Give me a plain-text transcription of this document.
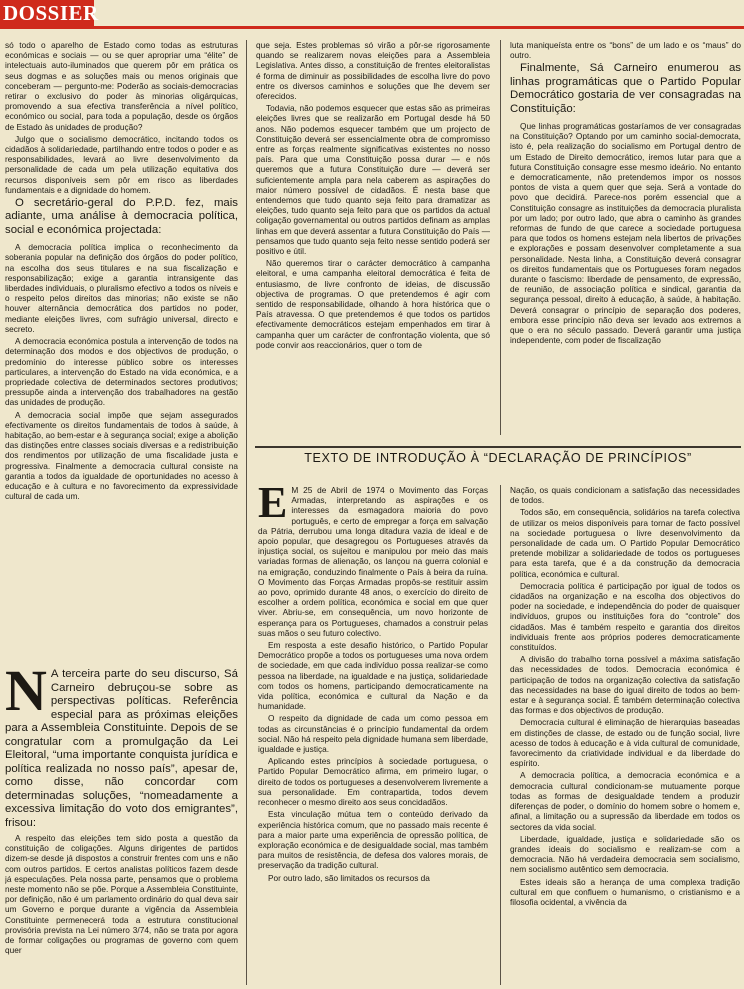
DOSSIER

só todo o aparelho de Estado como todas as estruturas económicas e sociais — ou se quer apropriar uma “élite” de intelectuais auto-iluminados que querem pôr em prática os seus dogmas e as soluções mais ou menos originais que conceberam — pergunto-me: Poderão as sociais-democracias retirar o exclusivo do poder às minorias oligárquicas, promovendo a sua efectiva transferência a nível político, económico ou social, para toda a população, desde os órgãos de Estado às unidades de produção?

Julgo que o socialismo democrático, incitando todos os cidadãos à solidariedade, partilhando entre todos o poder e as responsabilidades, levará ao livre desenvolvimento da personalidade de cada um pela utilização equitativa dos recursos disponíveis sem pôr em risco as liberdades fundamentais e a dignidade do homem.

O secretário-geral do P.P.D. fez, mais adiante, uma análise à democracia política, social e económica projectada:

A democracia política implica o reconhecimento da soberania popular na definição dos órgãos do poder político, na escolha dos seus titulares e na sua fiscalização e responsabilização; exige a garantia intransigente das liberdades individuais, o pluralismo efectivo a todos os níveis e o respeito pelos direitos das minorias; não existe se não houver alternância democrática dos partidos no poder, mediante eleições livres, com sufrágio universal, directo e secreto.

A democracia económica postula a intervenção de todos na determinação dos modos e dos objectivos de produção, o predomínio do interesse público sobre os interesses particulares, a intervenção do Estado na vida económica, e a propriedade colectiva de determinados sectores produtivos; pressupõe ainda a intervenção dos trabalhadores na gestão das unidades de produção.

A democracia social impõe que sejam assegurados efectivamente os direitos fundamentais de todos à saúde, à habitação, ao bem-estar e à segurança social; exige a abolição das distinções entre classes sociais diversas e a redistribuição dos rendimentos por utilização de uma fiscalidade justa e progressiva. Finalmente a democracia cultural consiste na garantia a todos da igualdade de oportunidades no acesso à educação e à cultura e no favorecimento da expressividade cultural de cada um.

N A terceira parte do seu discurso, Sá Carneiro debruçou-se sobre as perspectivas políticas. Referência especial para as próximas eleições para a Assembleia Constituinte. Depois de se congratular com a promulgação da Lei Eleitoral, “uma importante conquista jurídica e política realizada no nosso país”, apesar de, como disse, não concordar com determinadas soluções, “nomeadamente a excessiva limitação do voto dos emigrantes”, frisou:

A respeito das eleições tem sido posta a questão da constituição de coligações. Alguns dirigentes de partidos dizem-se desde já dispostos a construir frentes com uns e não com outros partidos. E certos analistas políticos fazem desde já especulações. Pela nossa parte, pensamos que o problema neste momento não se põe. Porque a Assembleia Constituinte, por definição, não é um parlamento ordinário do qual deva sair um Governo e porque durante a vigência da Assembleia Constituinte permenecerá toda a estrutura constitucional provisória prevista na Lei número 3/74, não se trata por agora de formar coligações ou programas de governo com quem quer

que seja. Estes problemas só virão a pôr-se rigorosamente quando se realizarem novas eleições para a Assembleia Legislativa. Antes disso, a constituição de frentes eleitoralistas é forma de diminuir as possibilidades de escolha livre do povo entre os diversos caminhos e soluções que lhe devem ser oferecidos.

Todavia, não podemos esquecer que estas são as primeiras eleições livres que se realizarão em Portugal desde há 50 anos. Não podemos esquecer também que um projecto de Constituição deverá ser essencialmente obra de compromisso entre as forças realmente significativas existentes no nosso país. Para que uma Constituição possa durar — e nós queremos que a futura Constituição dure — deverá ser suficientemente ampla para nela caberem as aspirações do maior número possível de cidadãos. É nesta base que entendemos que tudo quanto seja feito para dramatizar as eleições, tudo quanto seja feito para que os partidos da actual coligação governamental ou outros partidos definam as amplas linhas em que deverá assentar a futura Constituição do País — pensamos que tudo quanto seja feito nesse sentido poderá ser positivo e útil.

Não queremos tirar o carácter democrático à campanha eleitoral, e uma campanha eleitoral democrática é feita de entusiasmo, de livre confronto de ideias, de discussão objectiva de programas. O que pretendemos é agir com sentido de responsabilidade, olhando à hora histórica que o País atravessa. O que pretendemos é que todos os partidos efectivamente democráticos estejam empenhados em tirar à campanha quer um carácter de confrontação violenta, que só pode convir aos reaccionários, quer o tom de

luta maniqueísta entre os “bons” de um lado e os “maus” do outro.

Finalmente, Sá Carneiro enumerou as linhas programáticas que o Partido Popular Democrático gostaria de ver consagradas na Constituição:

Que linhas programáticas gostaríamos de ver consagradas na Constituição? Optando por um caminho social-democrata, isto é, pela realização do socialismo em Portugal dentro de um Estado de Direito democrático, iremos lutar para que a futura Constituição consagre esse mesmo ideário. No entanto e democraticamente, não pretendemos impor os nossos pontos de vista a quem quer que seja. Será a vontade do povo que decidirá. Parece-nos porém essencial que a Constituição consagre as instituições da democracia pluralista por um lado; por outro lado, que abra o caminho às grandes reformas de fundo de que carece a sociedade portuguesa para que todos os homens estejam nela libertos de privações e explorações e possam desenvolver completamente a sua personalidade. Nesta linha, a Constituição deverá consagrar os direitos fundamentais que os Portugueses foram negados durante o fascismo: liberdade de pensamento, de expressão, de reunião, de associação política e sindical, garantia da segurança pessoal, direito à educação, à saúde, à habitação. Deverá consagrar o princípio de separação dos poderes, embora esse princípio não deva ser levado aos extremos a que o era no século passado. Deverá garantir uma justiça independente, com poder de fiscalização

TEXTO DE INTRODUÇÃO À “DECLARAÇÃO DE PRINCÍPIOS”

E M 25 de Abril de 1974 o Movimento das Forças Armadas, interpretando as aspirações e os interesses da esmagadora maioria do povo português, e certo de empregar a força em salvação da Pátria, derrubou uma longa ditadura vazia de ideal e de apoio popular, que desagregou os Portugueses através da injustiça social, os sujeitou e manipulou por meio das mais variadas formas de alienação, os lançou na guerra colonial e na emigração, conduzindo finalmente o País à beira da ruína. O Movimento das Forças Armadas propôs-se restituir assim ao povo, oprimido durante 48 anos, o exercício do direito de escolher a ordem política, económica e social em que quer viver. Abriu-se, em consequência, um novo horizonte de esperança para os Portugueses, chamados a construir pelas suas mãos o seu futuro colectivo.

Em resposta a este desafio histórico, o Partido Popular Democrático propõe a todos os portugueses uma nova ordem de sociedade, em que cada indivíduo possa realizar-se como pessoa na liberdade, na igualdade e na justiça, solidariedade com todos os homens, participando democraticamente na vida política, económica e cultural da Nação e da humanidade.

O respeito da dignidade de cada um como pessoa em todas as circunstâncias é o princípio fundamental da ordem social. Não há respeito pela dignidade humana sem liberdade, igualdade e justiça.

Aplicando estes princípios à sociedade portuguesa, o Partido Popular Democrático afirma, em primeiro lugar, o direito de todos os portugueses a desenvolverem livremente a sua personalidade. Em contrapartida, todos devem reconhecer o mesmo direito aos seus concidadãos.

Esta vinculação mútua tem o conteúdo derivado da experiência histórica comum, que no passado mais recente é para a maior parte uma experiência de opressão política, de exploração económica e de desigualdade social, mas também para muitos de resistência, de defesa dos valores morais, de preservação da tradição cultural.

Por outro lado, são limitados os recursos da

Nação, os quais condicionam a satisfação das necessidades de todos.

Todos são, em consequência, solidários na tarefa colectiva de utilizar os meios disponíveis para tornar de facto possível na sociedade portuguesa o livre desenvolvimento da personalidade de cada um. O Partido Popular Democrático pretende mobilizar a solidariedade de todos os portugueses para esta tarefa, que é a da construção da democracia política, económica e cultural.

Democracia política é participação por igual de todos os cidadãos na organização e na escolha dos objectivos do poder na sociedade, e independência do poder de quaisquer indivíduos, grupos ou instituições fora do “controle” dos cidadãos. Mas é também respeito e garantia dos direitos individuais frente aos próprios poderes democraticamente constituídos.

A divisão do trabalho torna possível a máxima satisfação das necessidades de todos. Democracia económica é participação de todos na organização colectiva da satisfação das necessidades na base do igual direito de todos ao bem-estar e à segurança social. É também determinação colectiva das formas e dos objectivos de produção.

Democracia cultural é eliminação de hierarquias baseadas em distinções de classe, de estado ou de função social, livre acesso de todos à educação e à vida cultural de comunidade, favorecimento da criatividade individual e da liberdade do espírito.

A democracia política, a democracia económica e a democracia cultural condicionam-se mutuamente porque todas as formas de desigualdade tendem a produzir diferenças de poder, o domínio do homem sobre o homem e, afinal, a limitação ou a supressão da liberdade em todos os sectores da vida social.

Liberdade, igualdade, justiça e solidariedade são os grandes ideais do socialismo e realizam-se com a democracia. Não há verdadeira democracia sem socialismo, nem socialismo autêntico sem democracia.

Estes ideais são a herança de uma complexa tradição cultural em que confluem o humanismo, o cristianismo e a filosofia ocidental, a vivência da
